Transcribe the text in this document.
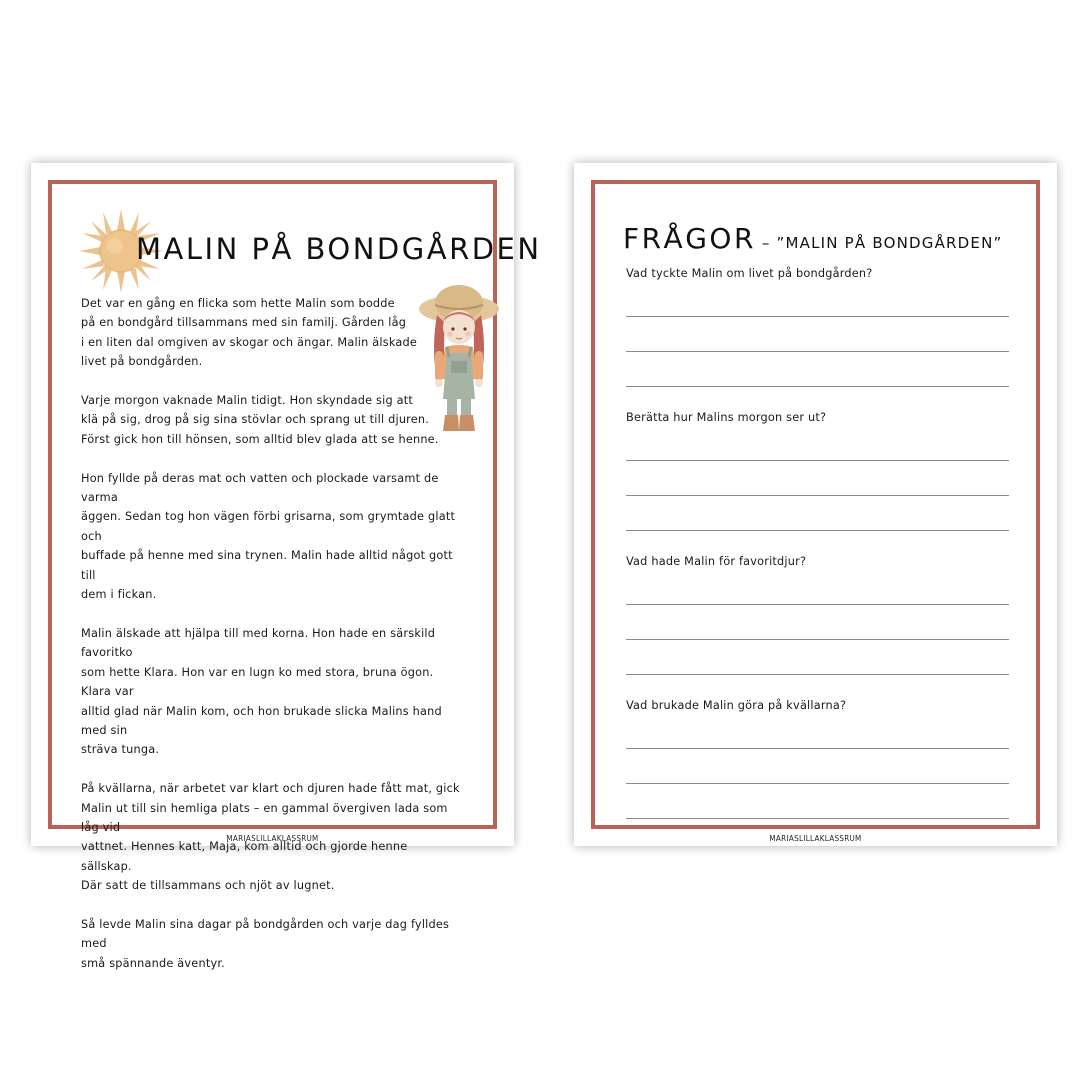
MALIN PÅ BONDGÅRDEN
Det var en gång en flicka som hette Malin som bodde
på en bondgård tillsammans med sin familj. Gården låg
i en liten dal omgiven av skogar och ängar. Malin älskade
livet på bondgården.

Varje morgon vaknade Malin tidigt. Hon skyndade sig att
klä på sig, drog på sig sina stövlar och sprang ut till djuren.
Först gick hon till hönsen, som alltid blev glada att se henne.

Hon fyllde på deras mat och vatten och plockade varsamt de varma
äggen. Sedan tog hon vägen förbi grisarna, som grymtade glatt och
buffade på henne med sina trynen. Malin hade alltid något gott till
dem i fickan.

Malin älskade att hjälpa till med korna. Hon hade en särskild favoritko
som hette Klara. Hon var en lugn ko med stora, bruna ögon. Klara var
alltid glad när Malin kom, och hon brukade slicka Malins hand med sin
sträva tunga.

På kvällarna, när arbetet var klart och djuren hade fått mat, gick
Malin ut till sin hemliga plats – en gammal övergiven lada som låg vid
vattnet. Hennes katt, Maja, kom alltid och gjorde henne sällskap.
Där satt de tillsammans och njöt av lugnet.

Så levde Malin sina dagar på bondgården och varje dag fylldes med
små spännande äventyr.
MARIASLILLAKLASSRUM
FRÅGOR – ”MALIN PÅ BONDGÅRDEN”
Vad tyckte Malin om livet på bondgården?
Berätta hur Malins morgon ser ut?
Vad hade Malin för favoritdjur?
Vad brukade Malin göra på kvällarna?
MARIASLILLAKLASSRUM
